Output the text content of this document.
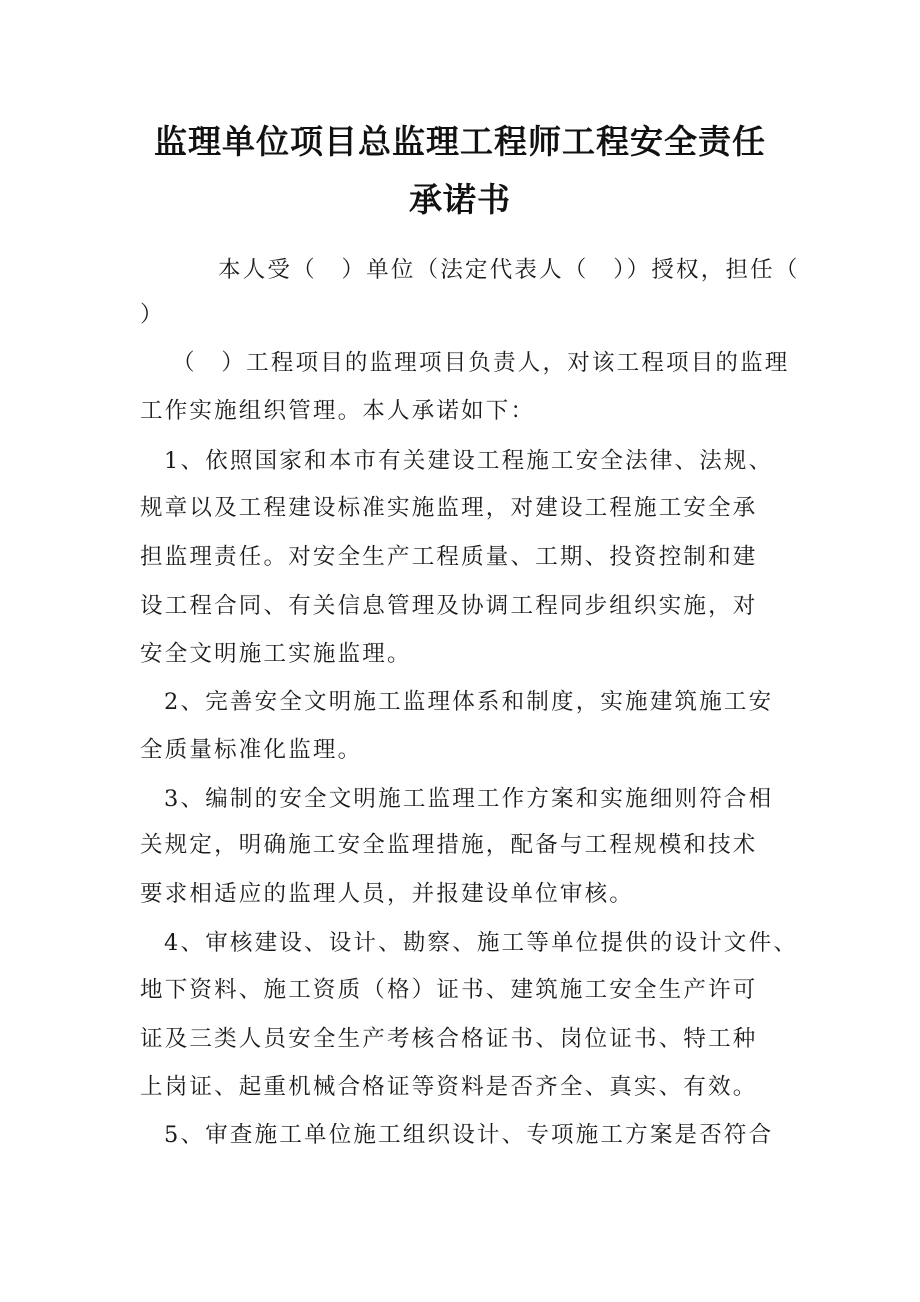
监理单位项目总监理工程师工程安全责任
承诺书
本人受（　）单位（法定代表人（　））授权，担任（
）
（　）工程项目的监理项目负责人，对该工程项目的监理
工作实施组织管理。本人承诺如下：
1、依照国家和本市有关建设工程施工安全法律、法规、
规章以及工程建设标准实施监理，对建设工程施工安全承
担监理责任。对安全生产工程质量、工期、投资控制和建
设工程合同、有关信息管理及协调工程同步组织实施，对
安全文明施工实施监理。
2、完善安全文明施工监理体系和制度，实施建筑施工安
全质量标准化监理。
3、编制的安全文明施工监理工作方案和实施细则符合相
关规定，明确施工安全监理措施，配备与工程规模和技术
要求相适应的监理人员，并报建设单位审核。
4、审核建设、设计、勘察、施工等单位提供的设计文件、
地下资料、施工资质（格）证书、建筑施工安全生产许可
证及三类人员安全生产考核合格证书、岗位证书、特工种
上岗证、起重机械合格证等资料是否齐全、真实、有效。
5、审查施工单位施工组织设计、专项施工方案是否符合
